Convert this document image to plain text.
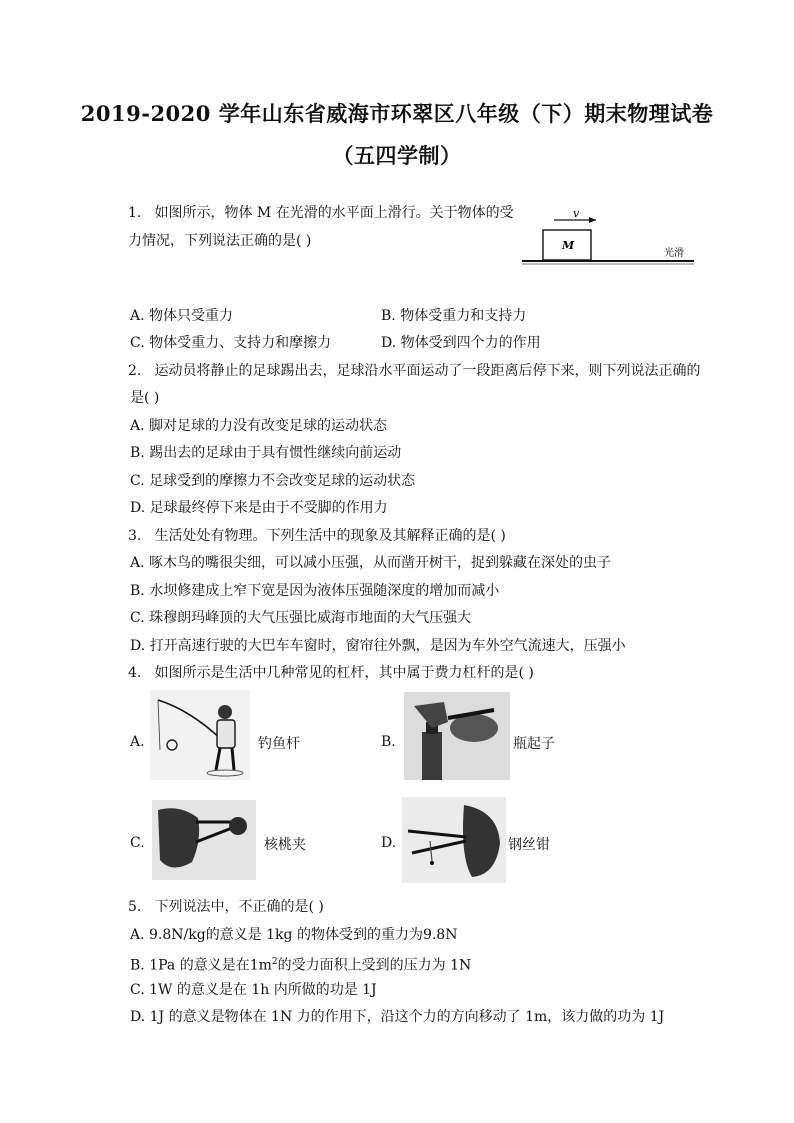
2019-2020 学年山东省威海市环翠区八年级（下）期末物理试卷
（五四学制）
1. 如图所示，物体 M 在光滑的水平面上滑行。关于物体的受
力情况，下列说法正确的是( )
v
M
光滑
A. 物体只受重力	B. 物体受重力和支持力
C. 物体受重力、支持力和摩擦力	D. 物体受到四个力的作用
2. 运动员将静止的足球踢出去，足球沿水平面运动了一段距离后停下来，则下列说法正确的
是( )
A. 脚对足球的力没有改变足球的运动状态
B. 踢出去的足球由于具有惯性继续向前运动
C. 足球受到的摩擦力不会改变足球的运动状态
D. 足球最终停下来是由于不受脚的作用力
3. 生活处处有物理。下列生活中的现象及其解释正确的是( )
A. 啄木鸟的嘴很尖细，可以减小压强，从而凿开树干，捉到躲藏在深处的虫子
B. 水坝修建成上窄下宽是因为液体压强随深度的增加而减小
C. 珠穆朗玛峰顶的大气压强比威海市地面的大气压强大
D. 打开高速行驶的大巴车车窗时，窗帘往外飘，是因为车外空气流速大，压强小
4. 如图所示是生活中几种常见的杠杆，其中属于费力杠杆的是( )
A.	钓鱼杆	B.	瓶起子
C.	核桃夹	D.	钢丝钳
5. 下列说法中，不正确的是( )
A. 9.8N/kg的意义是 1kg 的物体受到的重力为9.8N
B. 1Pa 的意义是在$1m^2$的受力面积上受到的压力为 1N
C. 1W 的意义是在 1h 内所做的功是 1J
D. 1J 的意义是物体在 1N 力的作用下，沿这个力的方向移动了 1m，该力做的功为 1J
